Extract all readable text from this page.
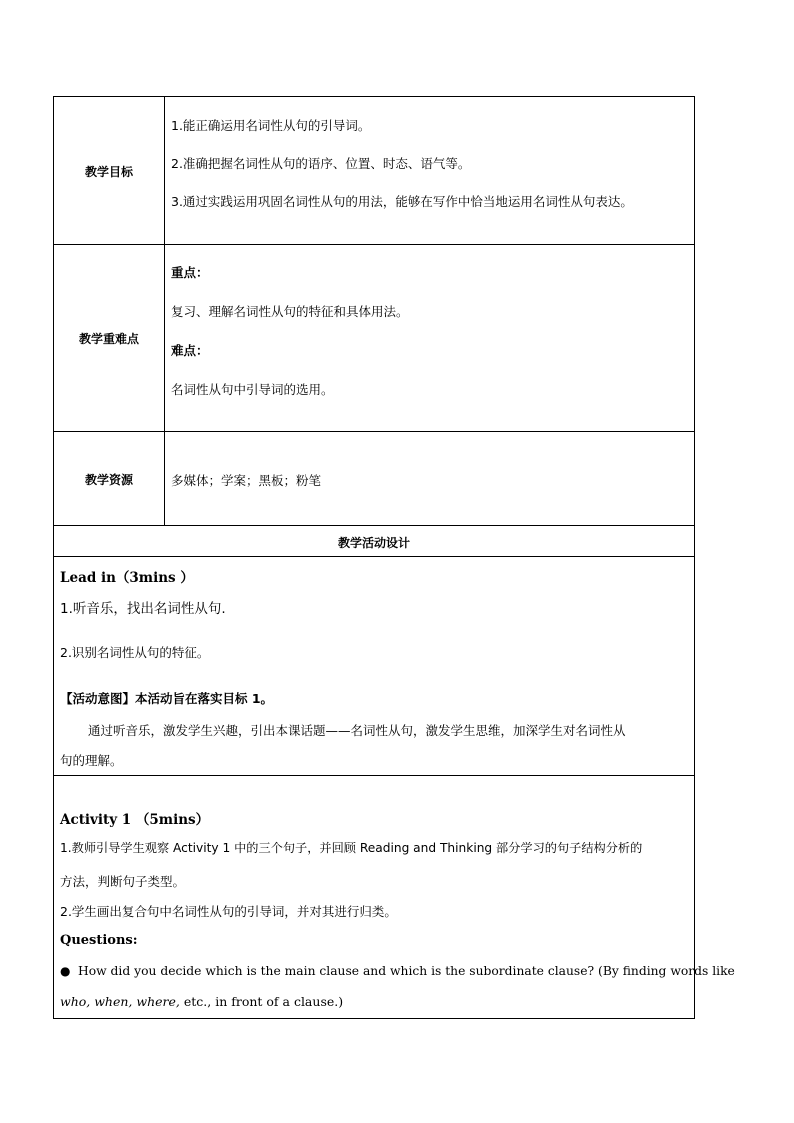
教学目标
1.能正确运用名词性从句的引导词。
2.准确把握名词性从句的语序、位置、时态、语气等。
3.通过实践运用巩固名词性从句的用法，能够在写作中恰当地运用名词性从句表达。
教学重难点
重点：
复习、理解名词性从句的特征和具体用法。
难点：
名词性从句中引导词的选用。
教学资源	多媒体；学案；黑板；粉笔
教学活动设计
Lead in（3mins ）
1.听音乐，找出名词性从句.
2.识别名词性从句的特征。
【活动意图】本活动旨在落实目标 1。
通过听音乐，激发学生兴趣，引出本课话题——名词性从句，激发学生思维，加深学生对名词性从
句的理解。
Activity 1 （5mins）
1.教师引导学生观察 Activity 1 中的三个句子，并回顾 Reading and Thinking 部分学习的句子结构分析的
方法，判断句子类型。
2.学生画出复合句中名词性从句的引导词，并对其进行归类。
Questions:
● How did you decide which is the main clause and which is the subordinate clause? (By finding words like
who, when, where, etc., in front of a clause.)
